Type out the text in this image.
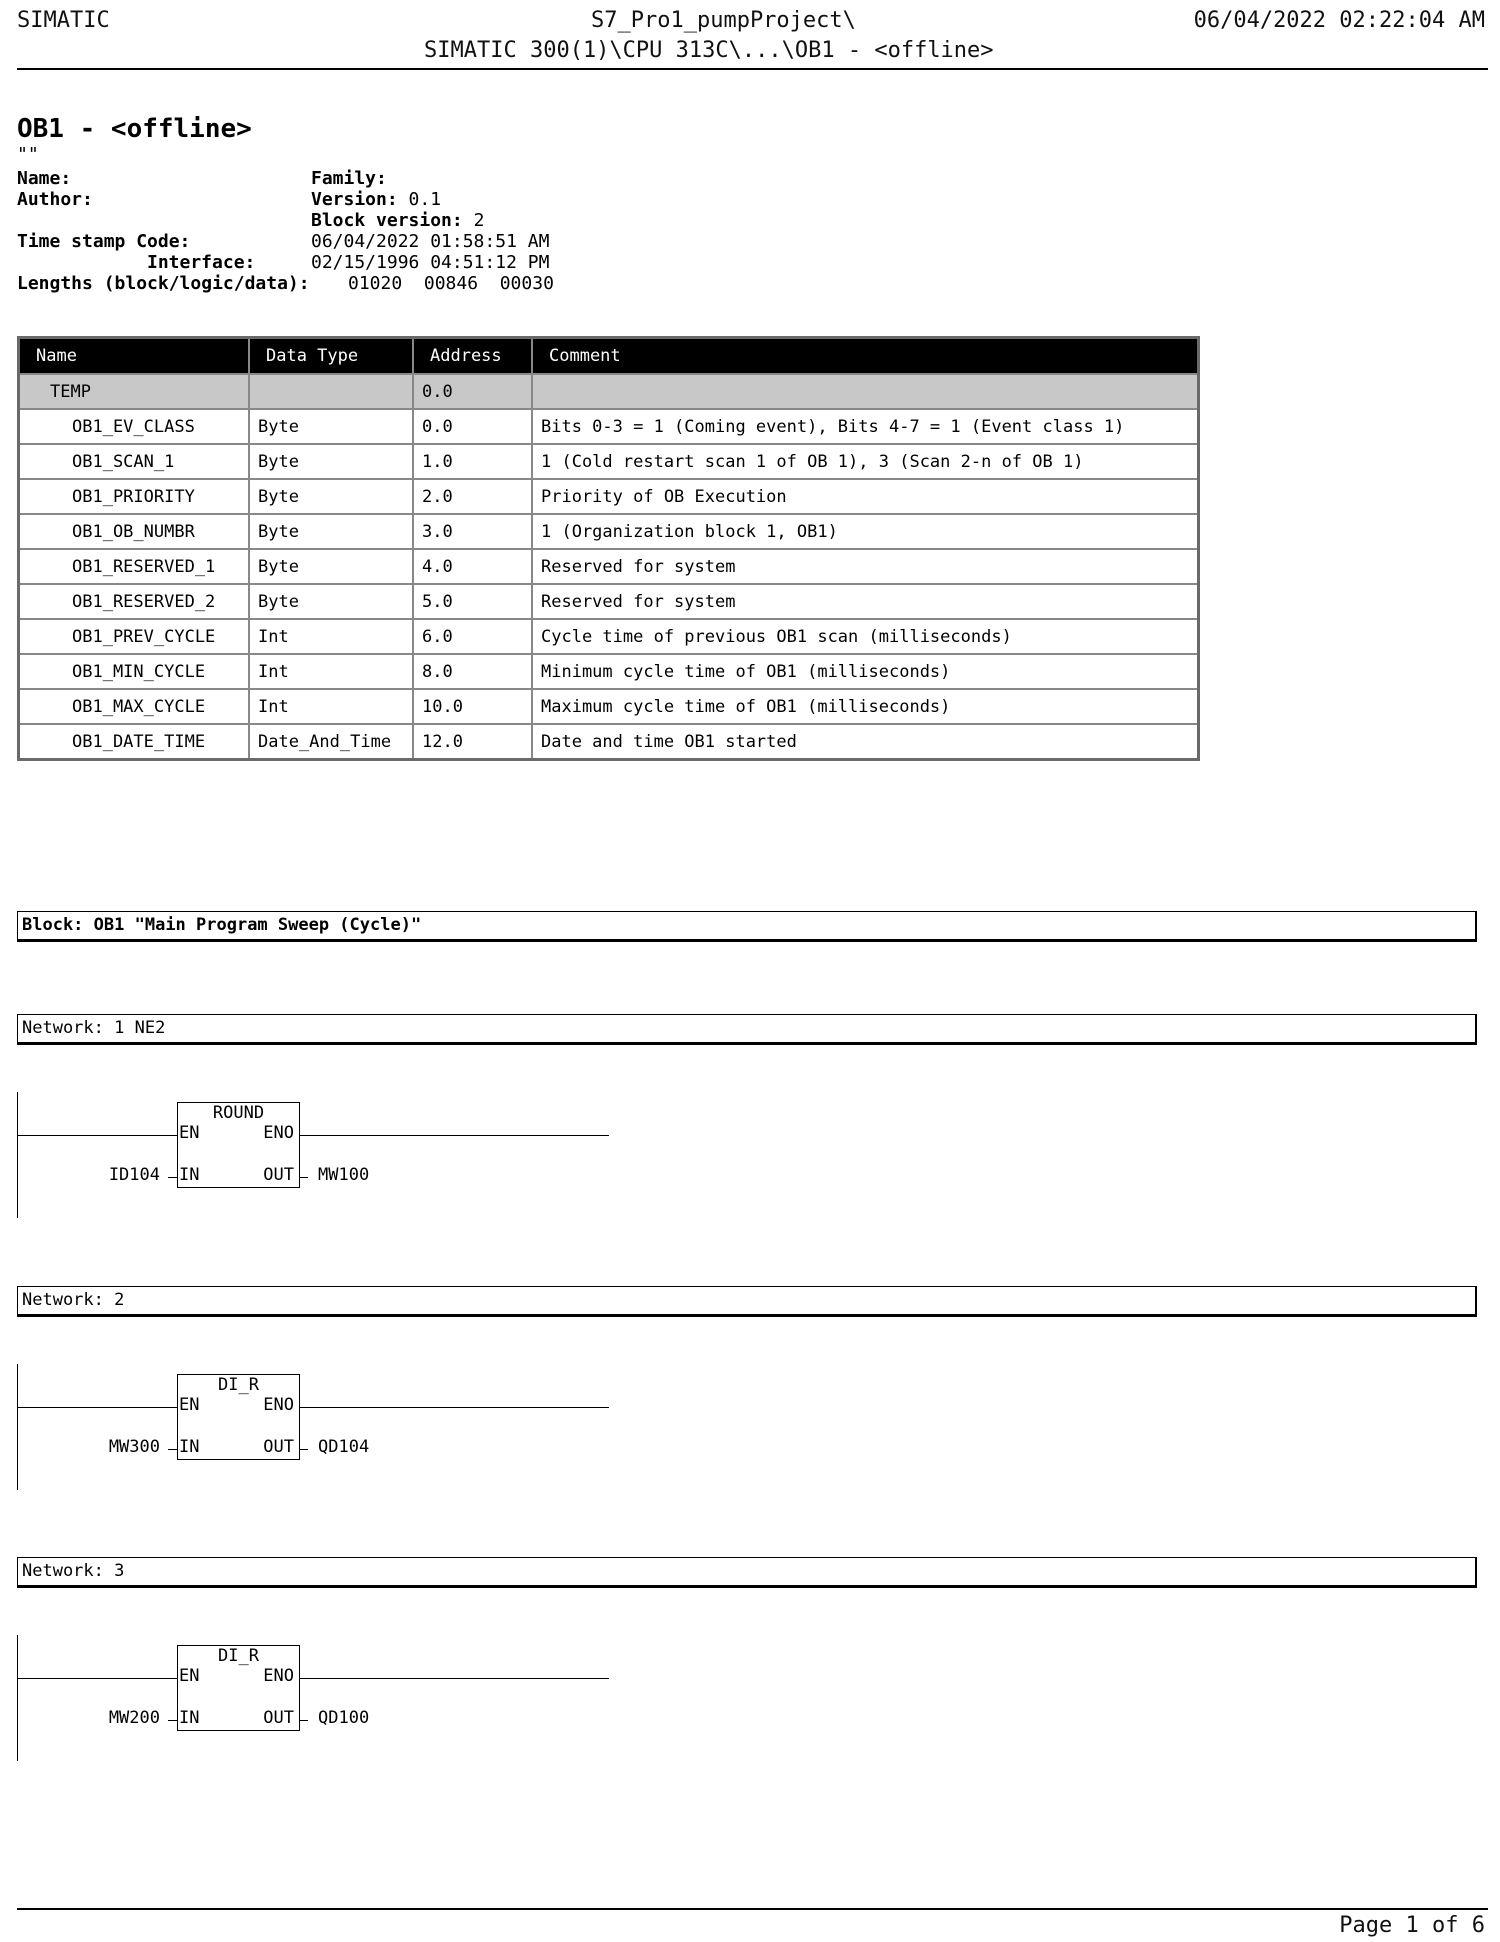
SIMATIC	S7_Pro1_pumpProject\
SIMATIC 300(1)\CPU 313C\...\OB1 - <offline>
06/04/2022 02:22:04 AM
OB1 - <offline>
""
Name:	Family:
Author:	Version: 0.1
Block version: 2
Time stamp Code:	06/04/2022 01:58:51 AM
Interface:	02/15/1996 04:51:12 PM
Lengths (block/logic/data): 01020  00846  00030
Name	Data Type	Address	Comment
TEMP		0.0	
OB1_EV_CLASS	Byte	0.0	Bits 0-3 = 1 (Coming event), Bits 4-7 = 1 (Event class 1)
OB1_SCAN_1	Byte	1.0	1 (Cold restart scan 1 of OB 1), 3 (Scan 2-n of OB 1)
OB1_PRIORITY	Byte	2.0	Priority of OB Execution
OB1_OB_NUMBR	Byte	3.0	1 (Organization block 1, OB1)
OB1_RESERVED_1	Byte	4.0	Reserved for system
OB1_RESERVED_2	Byte	5.0	Reserved for system
OB1_PREV_CYCLE	Int	6.0	Cycle time of previous OB1 scan (milliseconds)
OB1_MIN_CYCLE	Int	8.0	Minimum cycle time of OB1 (milliseconds)
OB1_MAX_CYCLE	Int	10.0	Maximum cycle time of OB1 (milliseconds)
OB1_DATE_TIME	Date_And_Time	12.0	Date and time OB1 started
Block: OB1 "Main Program Sweep (Cycle)"
Network: 1 NE2
ROUND
EN	ENO
IN	OUT
ID104	MW100
Network: 2
DI_R
EN	ENO
IN	OUT
MW300	QD104
Network: 3
DI_R
EN	ENO
IN	OUT
MW200	QD100
Page 1 of 6
